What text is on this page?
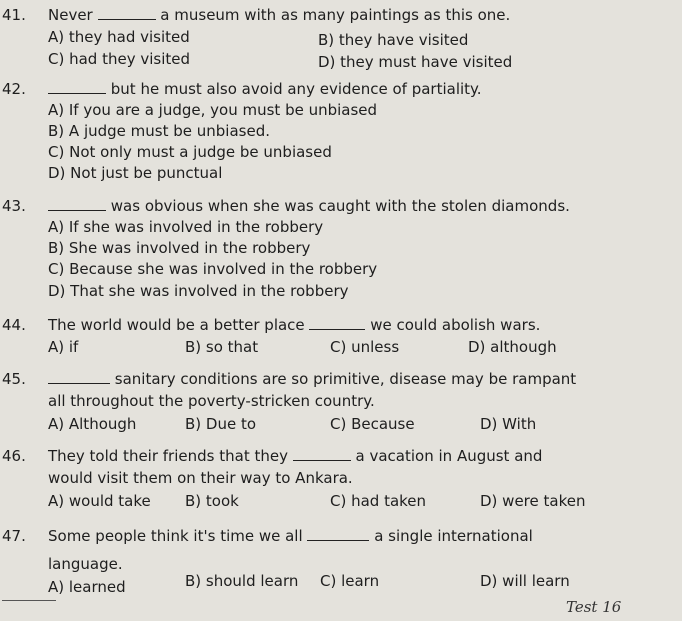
41. Never	a museum with as many paintings as this one.
A) they had visited	B) they have visited
C) had they visited	D) they must have visited
42.	but he must also avoid any evidence of partiality.
A) If you are a judge, you must be unbiased
B) A judge must be unbiased.
C) Not only must a judge be unbiased
D) Not just be punctual
43.	was obvious when she was caught with the stolen diamonds.
A) If she was involved in the robbery
B) She was involved in the robbery
C) Because she was involved in the robbery
D) That she was involved in the robbery
44. The world would be a better place	we could abolish wars.
A) if	B) so that	C) unless	D) although
45.	sanitary conditions are so primitive, disease may be rampant
all throughout the poverty-stricken country.
A) Although	B) Due to	C) Because	D) With
46. They told their friends that they	a vacation in August and
would visit them on their way to Ankara.
A) would take B) took	C) had taken	D) were taken
47. Some people think it's time we all	a single international
language.
A) learned	B) should learn C) learn	D) will learn
Test 16
